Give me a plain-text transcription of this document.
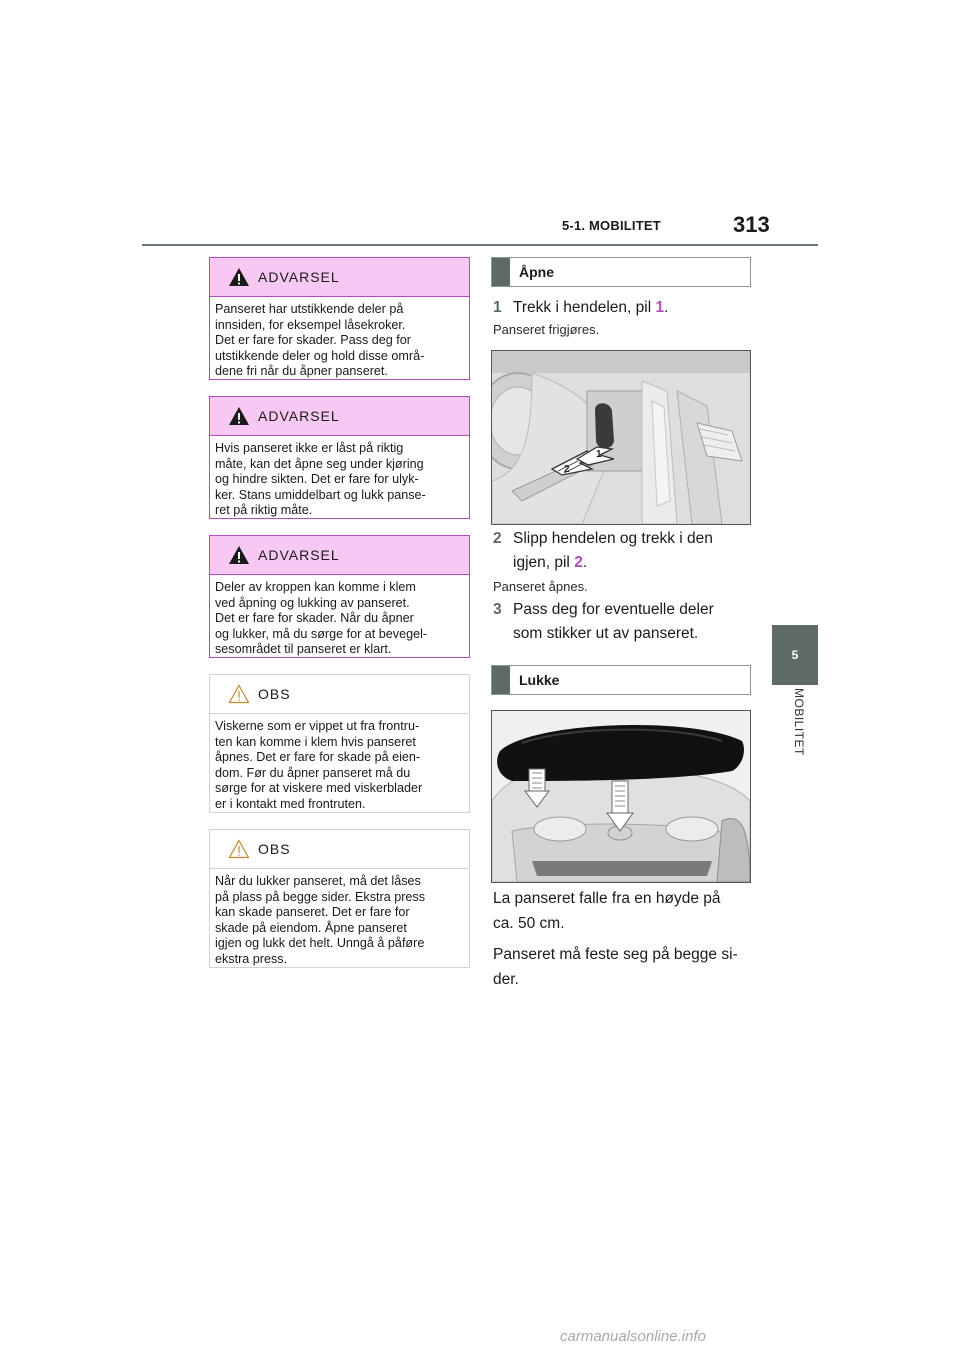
5-1. MOBILITET	313
5
MOBILITET
ADVARSEL
Panseret har utstikkende deler på
innsiden, for eksempel låsekroker.
Det er fare for skader. Pass deg for
utstikkende deler og hold disse områ-
dene fri når du åpner panseret.
ADVARSEL
Hvis panseret ikke er låst på riktig
måte, kan det åpne seg under kjøring
og hindre sikten. Det er fare for ulyk-
ker. Stans umiddelbart og lukk panse-
ret på riktig måte.
ADVARSEL
Deler av kroppen kan komme i klem
ved åpning og lukking av panseret.
Det er fare for skader. Når du åpner
og lukker, må du sørge for at bevegel-
sesområdet til panseret er klart.
OBS
Viskerne som er vippet ut fra frontru-
ten kan komme i klem hvis panseret
åpnes. Det er fare for skade på eien-
dom. Før du åpner panseret må du
sørge for at viskere med viskerblader
er i kontakt med frontruten.
OBS
Når du lukker panseret, må det låses
på plass på begge sider. Ekstra press
kan skade panseret. Det er fare for
skade på eiendom. Åpne panseret
igjen og lukk det helt. Unngå å påføre
ekstra press.
Åpne
1 Trekk i hendelen, pil 1.
Panseret frigjøres.
1
2
2 Slipp hendelen og trekk i den
igjen, pil 2.
Panseret åpnes.
3 Pass deg for eventuelle deler
som stikker ut av panseret.
Lukke
La panseret falle fra en høyde på
ca. 50 cm.
Panseret må feste seg på begge si-
der.
carmanualsonline.info
